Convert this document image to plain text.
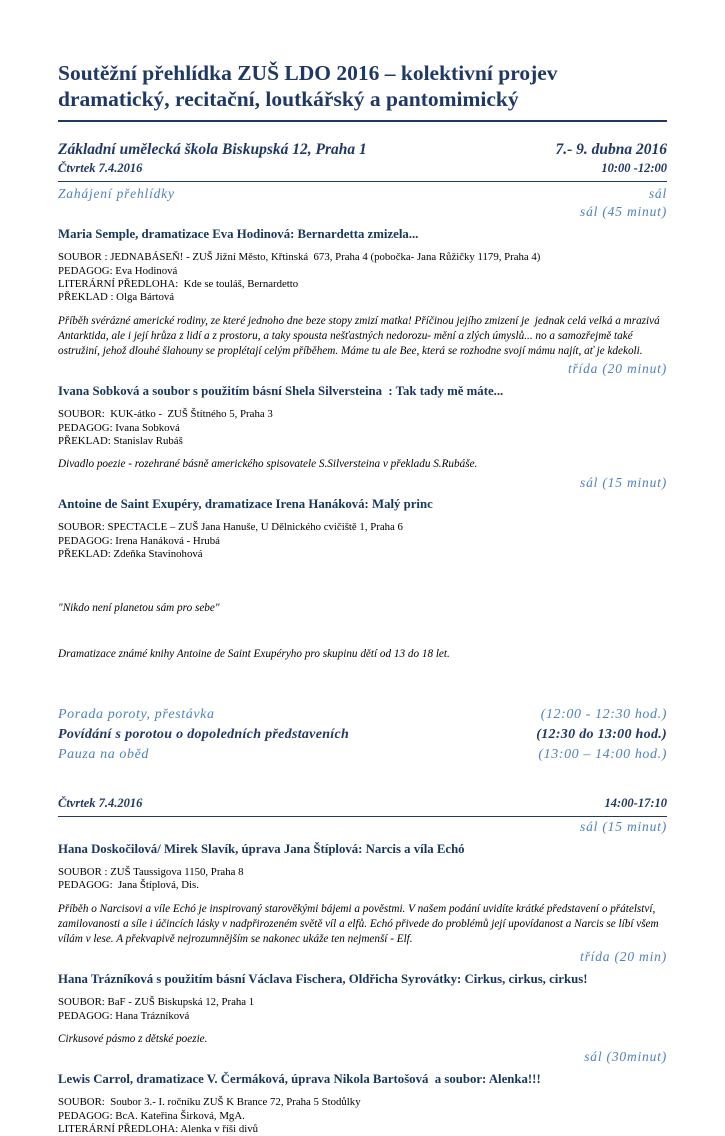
Soutěžní přehlídka ZUŠ LDO 2016 – kolektivní projev dramatický, recitační, loutkářský a pantomimický
Základní umělecká škola Biskupská 12, Praha 1	7.- 9. dubna 2016
Čtvrtek 7.4.2016	10:00 -12:00
Zahájení přehlídky	sál
sál (45 minut)
Maria Semple, dramatizace Eva Hodinová: Bernardetta zmizela...
SOUBOR : JEDNABÁSEŇ! - ZUŠ Jižní Město, Křtinská  673, Praha 4 (pobočka- Jana Růžičky 1179, Praha 4)
PEDAGOG: Eva Hodinová
LITERÁRNÍ PŘEDLOHA:  Kde se touláš, Bernardetto
PŘEKLAD : Olga Bártová
Příběh svérázné americké rodiny, ze které jednoho dne beze stopy zmizí matka! Příčinou jejího zmizení je  jednak celá velká a mrazivá Antarktida, ale i její hrůza z lidí a z prostoru, a taky spousta nešťastných nedorozu- mění a zlých úmyslů... no a samozřejmě také ostružiní, jehož dlouhé šlahouny se proplétají celým příběhem. Máme tu ale Bee, která se rozhodne svojí mámu najít, ať je kdekoli.
třída (20 minut)
Ivana Sobková a soubor s použitím básní Shela Silversteina  : Tak tady mě máte...
SOUBOR:  KUK-átko -  ZUŠ Štítného 5, Praha 3
PEDAGOG: Ivana Sobková
PŘEKLAD: Stanislav Rubáš
Divadlo poezie - rozehrané básně amerického spisovatele S.Silversteina v překladu S.Rubáše.
sál (15 minut)
Antoine de Saint Exupéry, dramatizace Irena Hanáková: Malý princ
SOUBOR: SPECTACLE – ZUŠ Jana Hanuše, U Dělnického cvičiště 1, Praha 6
PEDAGOG: Irena Hanáková - Hrubá
PŘEKLAD: Zdeňka Stavinohová

"Nikdo není planetou sám pro sebe"

Dramatizace známé knihy Antoine de Saint Exupéryho pro skupinu dětí od 13 do 18 let.

Porada poroty, přestávka	(12:00 - 12:30 hod.)
Povídání s porotou o dopoledních představeních	(12:30 do 13:00 hod.)
Pauza na oběd	(13:00 – 14:00 hod.)
Čtvrtek 7.4.2016	14:00-17:10
sál (15 minut)
Hana Doskočilová/ Mirek Slavík, úprava Jana Štíplová: Narcis a víla Echó
SOUBOR : ZUŠ Taussigova 1150, Praha 8
PEDAGOG:  Jana Štíplová, Dis.
Příběh o Narcisovi a víle Echó je inspirovaný starověkými bájemi a pověstmi. V našem podání uvidíte krátké představení o přátelství, zamilovanosti a síle i účincích lásky v nadpřirozeném světě víl a elfů. Echó přivede do problémů její upovídanost a Narcis se líbí všem vílám v lese. A překvapivě nejrozumnějším se nakonec ukáže ten nejmenší - Elf.
třída (20 min)
Hana Trázníková s použitím básní Václava Fischera, Oldřicha Syrovátky: Cirkus, cirkus, cirkus!
SOUBOR: BaF - ZUŠ Biskupská 12, Praha 1
PEDAGOG: Hana Trázníková
Cirkusové pásmo z dětské poezie.
sál (30minut)
Lewis Carrol, dramatizace V. Čermáková, úprava Nikola Bartošová  a soubor: Alenka!!!
SOUBOR:  Soubor 3.- I. ročníku ZUŠ K Brance 72, Praha 5 Stodůlky
PEDAGOG: BcA. Kateřina Širková, MgA.
LITERÁRNÍ PŘEDLOHA: Alenka v říši divů
